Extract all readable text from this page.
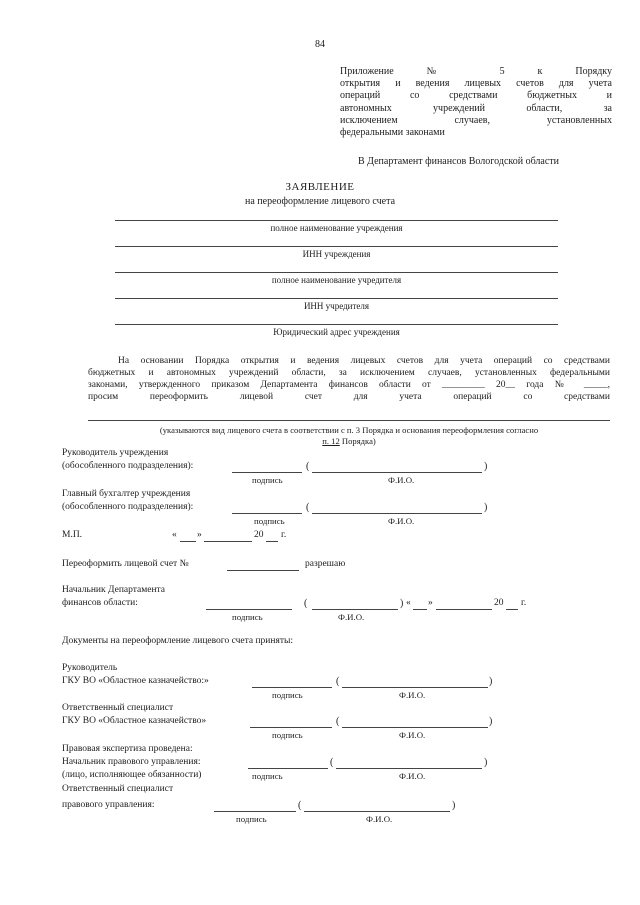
84
Приложение № 5 к Порядку
открытия и ведения лицевых счетов для учета
операций со средствами бюджетных и
автономных учреждений области, за
исключением случаев, установленных
федеральными законами
В Департамент финансов Вологодской области
ЗАЯВЛЕНИЕ
на переоформление лицевого счета
полное наименование учреждения
ИНН учреждения
полное наименование учредителя
ИНН учредителя
Юридический адрес учреждения
На основании Порядка открытия и ведения лицевых счетов для учета операций со средствами
бюджетных и автономных учреждений области, за исключением случаев, установленных федеральными
законами, утвержденного приказом Департамента финансов области от _________ 20__ года № _____,
просим переоформить лицевой счет для учета операций со средствами
(указываются вид лицевого счета в соответствии с п. 3 Порядка и основания переоформления согласно
п. 12 Порядка)
Руководитель учреждения
(обособленного подразделения):	(	)
подпись	Ф.И.О.
Главный бухгалтер учреждения
(обособленного подразделения):	(	)
подпись	Ф.И.О.
М.П.	« »	20 г.
Переоформить лицевой счет №	разрешаю
Начальник Департамента
финансов области:	(	) « »	20 г.
подпись	Ф.И.О.
Документы на переоформление лицевого счета приняты:
Руководитель
ГКУ ВО «Областное казначейство:»	(	)
подпись	Ф.И.О.
Ответственный специалист
ГКУ ВО «Областное казначейство»	(	)
подпись	Ф.И.О.
Правовая экспертиза проведена:
Начальник правового управления:	(	)
(лицо, исполняющее обязанности)	подпись	Ф.И.О.
Ответственный специалист
правового управления:	(	)
подпись	Ф.И.О.
